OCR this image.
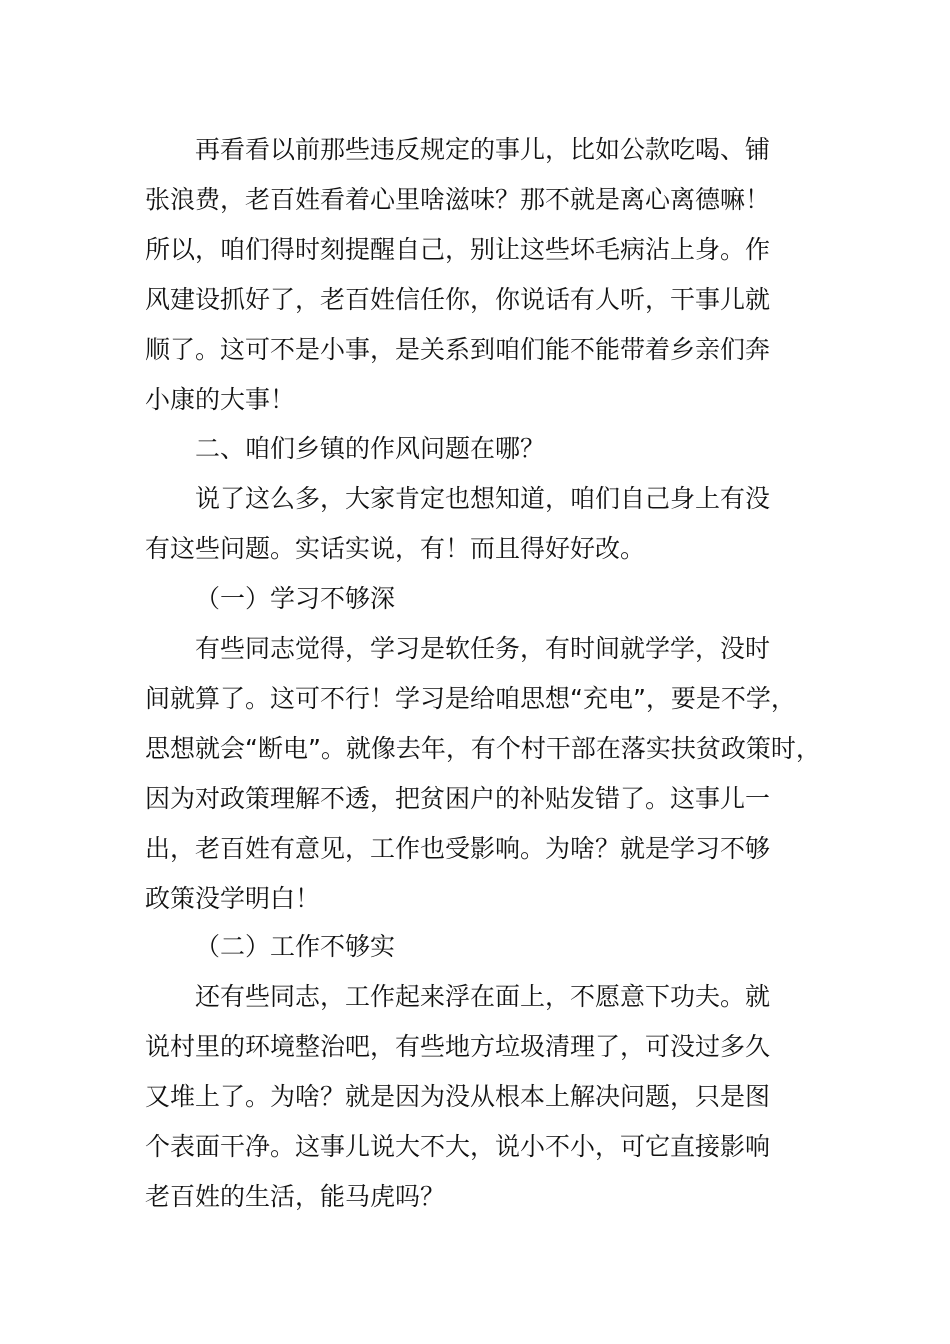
再看看以前那些违反规定的事儿，比如公款吃喝、铺

张浪费，老百姓看着心里啥滋味？那不就是离心离德嘛！

所以，咱们得时刻提醒自己，别让这些坏毛病沾上身。作

风建设抓好了，老百姓信任你，你说话有人听，干事儿就

顺了。这可不是小事，是关系到咱们能不能带着乡亲们奔

小康的大事！

二、咱们乡镇的作风问题在哪？

说了这么多，大家肯定也想知道，咱们自己身上有没

有这些问题。实话实说，有！而且得好好改。

（一）学习不够深

有些同志觉得，学习是软任务，有时间就学学，没时

间就算了。这可不行！学习是给咱思想“充电”，要是不学，

思想就会“断电”。就像去年，有个村干部在落实扶贫政策时，

因为对政策理解不透，把贫困户的补贴发错了。这事儿一

出，老百姓有意见，工作也受影响。为啥？就是学习不够

政策没学明白！

（二）工作不够实

还有些同志，工作起来浮在面上，不愿意下功夫。就

说村里的环境整治吧，有些地方垃圾清理了，可没过多久

又堆上了。为啥？就是因为没从根本上解决问题，只是图

个表面干净。这事儿说大不大，说小不小，可它直接影响

老百姓的生活，能马虎吗？
